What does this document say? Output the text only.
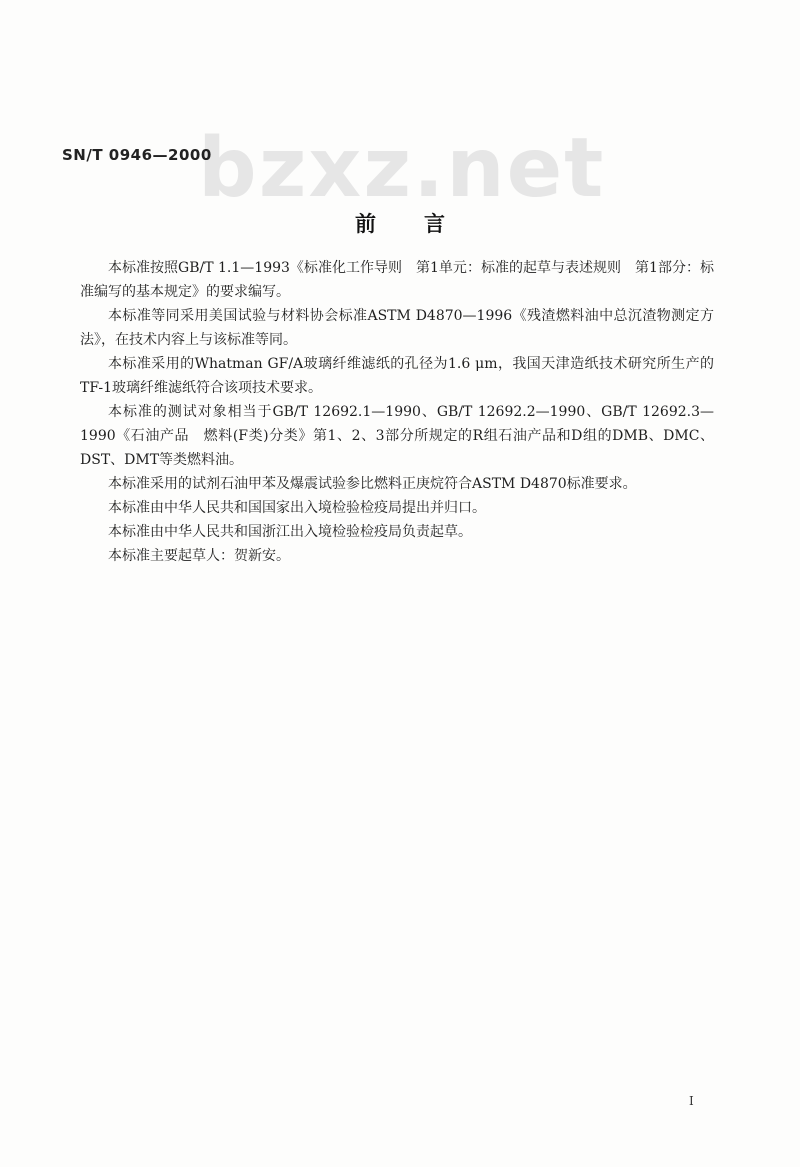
bzxz.net
SN/T 0946—2000
前 言

本标准按照GB/T 1.1—1993《标准化工作导则　第1单元：标准的起草与表述规则　第1部分：标准编写的基本规定》的要求编写。

本标准等同采用美国试验与材料协会标准ASTM D4870—1996《残渣燃料油中总沉渣物测定方法》，在技术内容上与该标准等同。

本标准采用的Whatman GF/A玻璃纤维滤纸的孔径为1.6 μm，我国天津造纸技术研究所生产的TF-1玻璃纤维滤纸符合该项技术要求。

本标准的测试对象相当于GB/T 12692.1—1990、GB/T 12692.2—1990、GB/T 12692.3—1990《石油产品　燃料(F类)分类》第1、2、3部分所规定的R组石油产品和D组的DMB、DMC、DST、DMT等类燃料油。

本标准采用的试剂石油甲苯及爆震试验参比燃料正庚烷符合ASTM D4870标准要求。

本标准由中华人民共和国国家出入境检验检疫局提出并归口。

本标准由中华人民共和国浙江出入境检验检疫局负责起草。

本标准主要起草人：贺新安。

I
